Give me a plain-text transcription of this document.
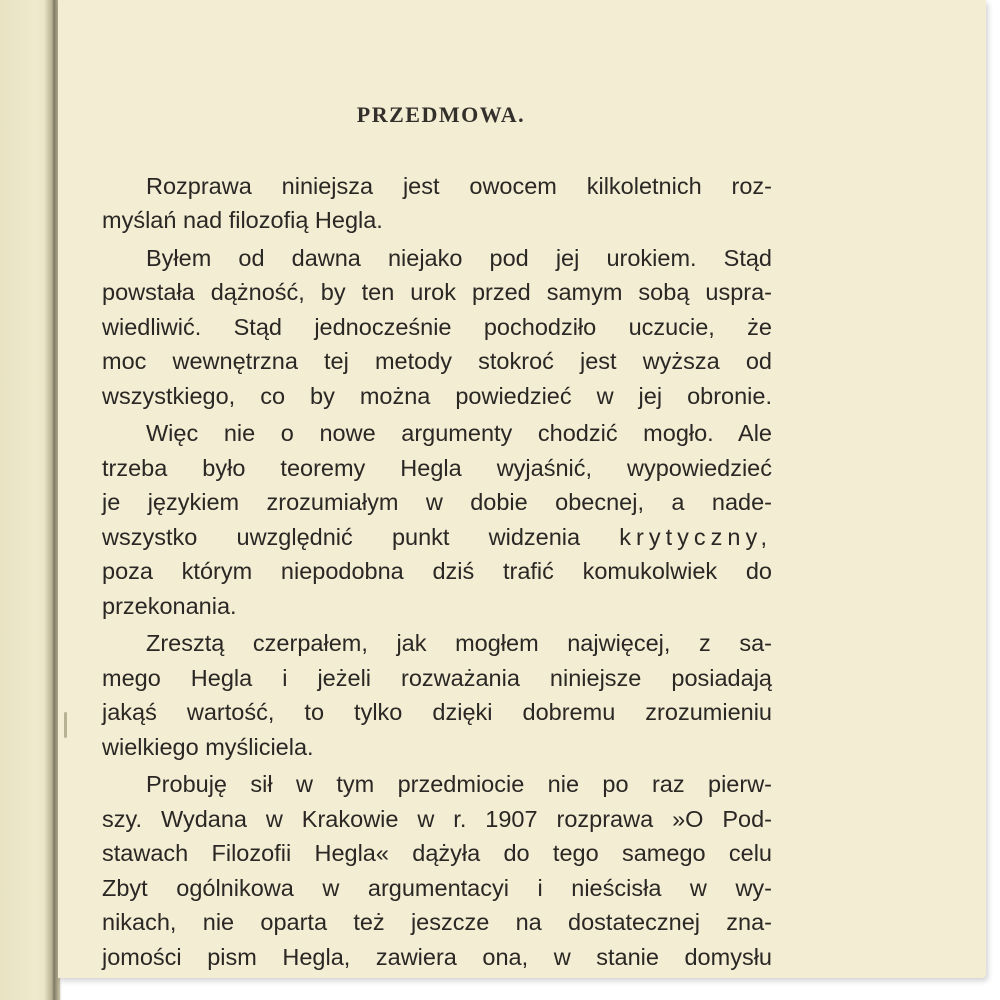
PRZEDMOWA.

Rozprawa niniejsza jest owocem kilkoletnich roz-
myślań nad filozofią Hegla.

Byłem od dawna niejako pod jej urokiem. Stąd
powstała dążność, by ten urok przed samym sobą uspra-
wiedliwić. Stąd jednocześnie pochodziło uczucie, że
moc wewnętrzna tej metody stokroć jest wyższa od
wszystkiego, co by można powiedzieć w jej obronie.

Więc nie o nowe argumenty chodzić mogło. Ale
trzeba było teoremy Hegla wyjaśnić, wypowiedzieć
je językiem zrozumiałym w dobie obecnej, a nade-
wszystko uwzględnić punkt widzenia krytyczny,
poza którym niepodobna dziś trafić komukolwiek do
przekonania.

Zresztą czerpałem, jak mogłem najwięcej, z sa-
mego Hegla i jeżeli rozważania niniejsze posiadają
jakąś wartość, to tylko dzięki dobremu zrozumieniu
wielkiego myśliciela.

Probuję sił w tym przedmiocie nie po raz pierw-
szy. Wydana w Krakowie w r. 1907 rozprawa »O Pod-
stawach Filozofii Hegla« dążyła do tego samego celu
Zbyt ogólnikowa w argumentacyi i nieścisła w wy-
nikach, nie oparta też jeszcze na dostatecznej zna-
jomości pism Hegla, zawiera ona, w stanie domysłu
